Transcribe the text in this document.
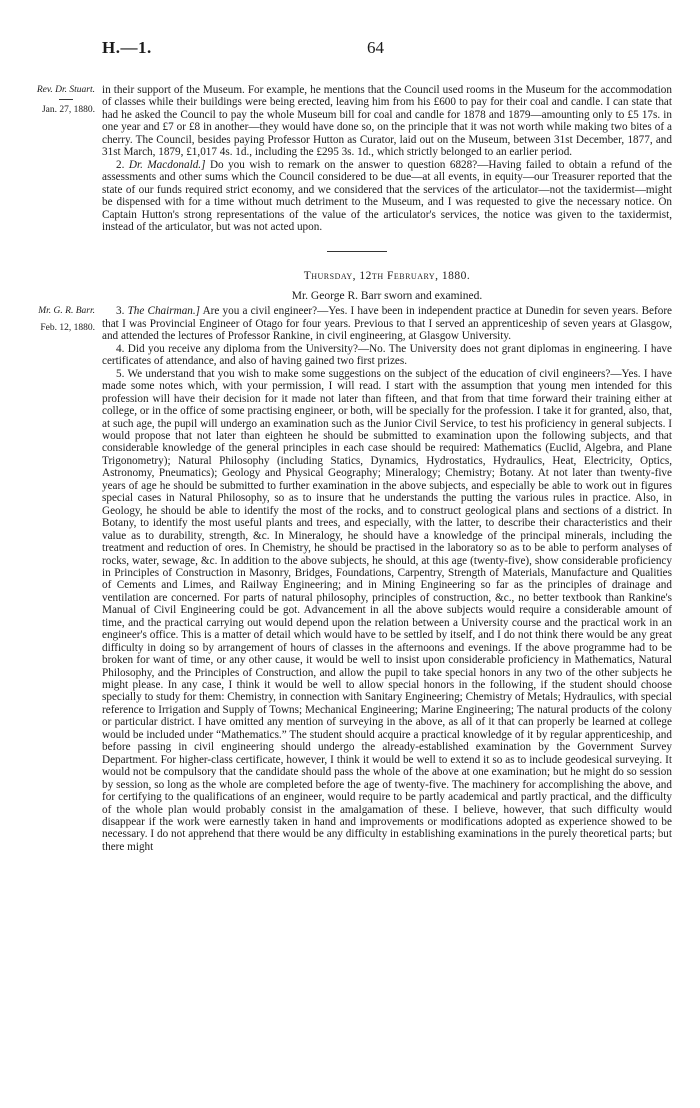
H.—1.	64
Rev. Dr. Stuart.
Jan. 27, 1880.

in their support of the Museum. For example, he mentions that the Council used rooms in the Museum for the accommodation of classes while their buildings were being erected, leaving him from his £600 to pay for their coal and candle. I can state that had he asked the Council to pay the whole Museum bill for coal and candle for 1878 and 1879—amounting only to £5 17s. in one year and £7 or £8 in another—they would have done so, on the principle that it was not worth while making two bites of a cherry. The Council, besides paying Professor Hutton as Curator, laid out on the Museum, between 31st December, 1877, and 31st March, 1879, £1,017 4s. 1d., including the £295 3s. 1d., which strictly belonged to an earlier period.

2. Dr. Macdonald.] Do you wish to remark on the answer to question 6828?—Having failed to obtain a refund of the assessments and other sums which the Council considered to be due—at all events, in equity—our Treasurer reported that the state of our funds required strict economy, and we considered that the services of the articulator—not the taxidermist—might be dispensed with for a time without much detriment to the Museum, and I was requested to give the necessary notice. On Captain Hutton's strong representations of the value of the articulator's services, the notice was given to the taxidermist, instead of the articulator, but was not acted upon.

Thursday, 12th February, 1880.
Mr. George R. Barr sworn and examined.
Mr. G. R. Barr.
Feb. 12, 1880.

3. The Chairman.] Are you a civil engineer?—Yes. I have been in independent practice at Dunedin for seven years. Before that I was Provincial Engineer of Otago for four years. Previous to that I served an apprenticeship of seven years at Glasgow, and attended the lectures of Professor Rankine, in civil engineering, at Glasgow University.

4. Did you receive any diploma from the University?—No. The University does not grant diplomas in engineering. I have certificates of attendance, and also of having gained two first prizes.

5. We understand that you wish to make some suggestions on the subject of the education of civil engineers?—Yes. I have made some notes which, with your permission, I will read. I start with the assumption that young men intended for this profession will have their decision for it made not later than fifteen, and that from that time forward their training either at college, or in the office of some practising engineer, or both, will be specially for the profession. I take it for granted, also, that, at such age, the pupil will undergo an examination such as the Junior Civil Service, to test his proficiency in general subjects. I would propose that not later than eighteen he should be submitted to examination upon the following subjects, and that considerable knowledge of the general principles in each case should be required: Mathematics (Euclid, Algebra, and Plane Trigonometry); Natural Philosophy (including Statics, Dynamics, Hydrostatics, Hydraulics, Heat, Electricity, Optics, Astronomy, Pneumatics); Geology and Physical Geography; Mineralogy; Chemistry; Botany. At not later than twenty-five years of age he should be submitted to further examination in the above subjects, and especially be able to work out in figures special cases in Natural Philosophy, so as to insure that he understands the putting the various rules in practice. Also, in Geology, he should be able to identify the most of the rocks, and to construct geological plans and sections of a district. In Botany, to identify the most useful plants and trees, and especially, with the latter, to describe their characteristics and their value as to durability, strength, &c. In Mineralogy, he should have a knowledge of the principal minerals, including the treatment and reduction of ores. In Chemistry, he should be practised in the laboratory so as to be able to perform analyses of rocks, water, sewage, &c. In addition to the above subjects, he should, at this age (twenty-five), show considerable proficiency in Principles of Construction in Masonry, Bridges, Foundations, Carpentry, Strength of Materials, Manufacture and Qualities of Cements and Limes, and Railway Engineering; and in Mining Engineering so far as the principles of drainage and ventilation are concerned. For parts of natural philosophy, principles of construction, &c., no better textbook than Rankine's Manual of Civil Engineering could be got. Advancement in all the above subjects would require a considerable amount of time, and the practical carrying out would depend upon the relation between a University course and the practical work in an engineer's office. This is a matter of detail which would have to be settled by itself, and I do not think there would be any great difficulty in doing so by arrangement of hours of classes in the afternoons and evenings. If the above programme had to be broken for want of time, or any other cause, it would be well to insist upon considerable proficiency in Mathematics, Natural Philosophy, and the Principles of Construction, and allow the pupil to take special honors in any two of the other subjects he might please. In any case, I think it would be well to allow special honors in the following, if the student should choose specially to study for them: Chemistry, in connection with Sanitary Engineering; Chemistry of Metals; Hydraulics, with special reference to Irrigation and Supply of Towns; Mechanical Engineering; Marine Engineering; The natural products of the colony or particular district. I have omitted any mention of surveying in the above, as all of it that can properly be learned at college would be included under “Mathematics.” The student should acquire a practical knowledge of it by regular apprenticeship, and before passing in civil engineering should undergo the already-established examination by the Government Survey Department. For higher-class certificate, however, I think it would be well to extend it so as to include geodesical surveying. It would not be compulsory that the candidate should pass the whole of the above at one examination; but he might do so session by session, so long as the whole are completed before the age of twenty-five. The machinery for accomplishing the above, and for certifying to the qualifications of an engineer, would require to be partly academical and partly practical, and the difficulty of the whole plan would probably consist in the amalgamation of these. I believe, however, that such difficulty would disappear if the work were earnestly taken in hand and improvements or modifications adopted as experience showed to be necessary. I do not apprehend that there would be any difficulty in establishing examinations in the purely theoretical parts; but there might
